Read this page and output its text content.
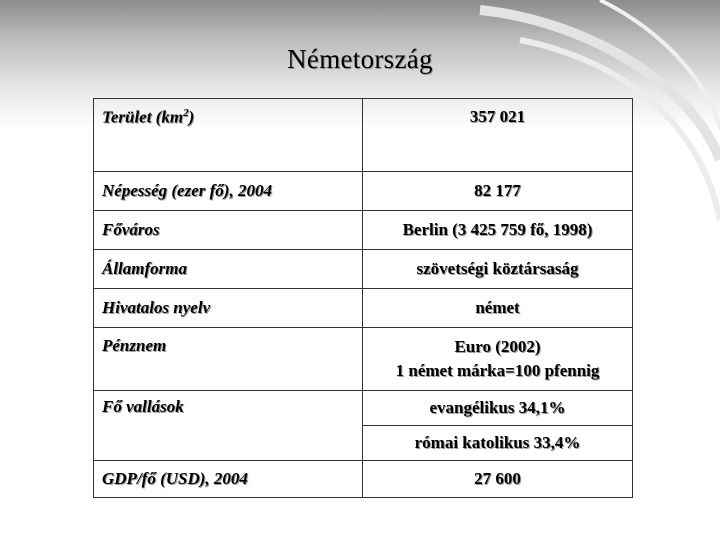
Németország
Terület $(km^2)$	357 021
Népesség (ezer fő), 2004	82 177
Főváros	Berlin (3 425 759 fő, 1998)
Államforma	szövetségi köztársaság
Hivatalos nyelv	német
Pénznem	Euro (2002)
1 német márka=100 pfennig

Fő vallások	evangélikus 34,1%
	római katolikus 33,4%
GDP/fő (USD), 2004	27 600
